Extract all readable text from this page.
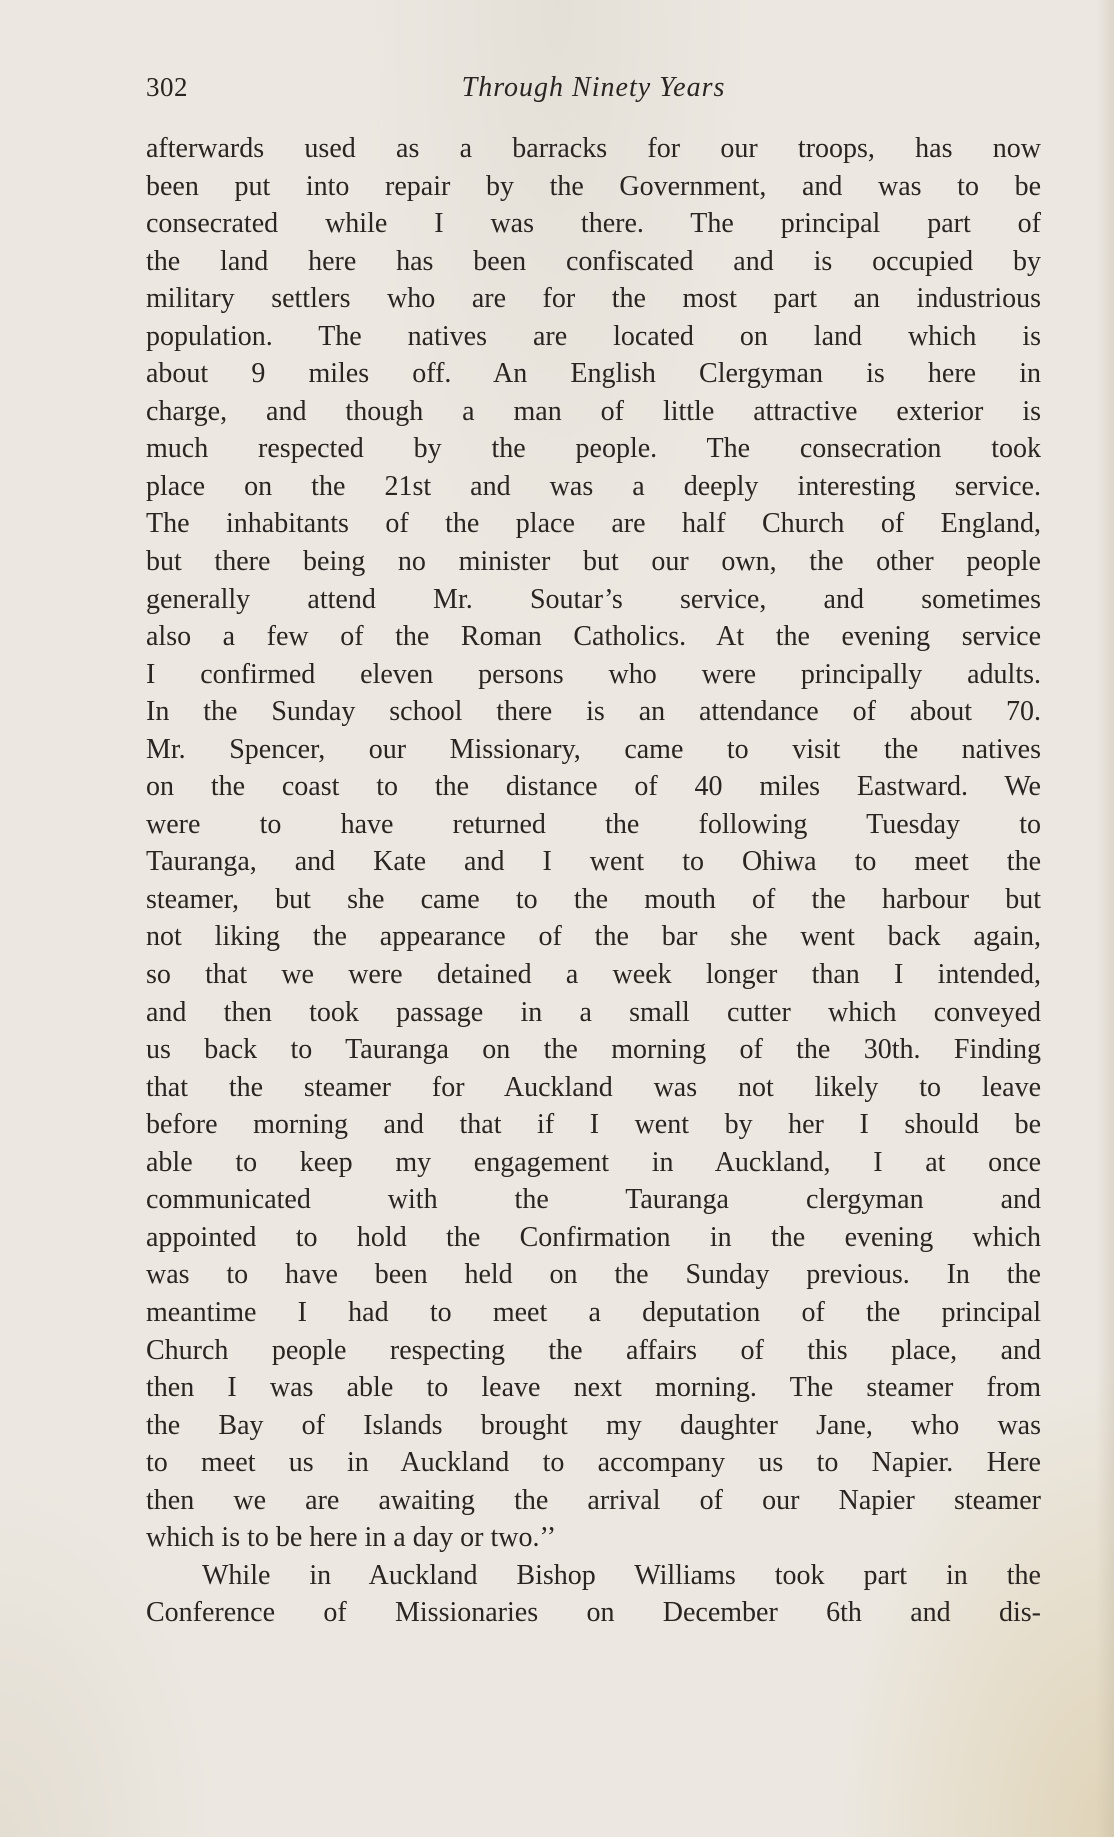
302	Through Ninety Years
afterwards used as a barracks for our troops, has now
been put into repair by the Government, and was to be
consecrated while I was there. The principal part of
the land here has been confiscated and is occupied by
military settlers who are for the most part an industrious
population. The natives are located on land which is
about 9 miles off. An English Clergyman is here in
charge, and though a man of little attractive exterior is
much respected by the people. The consecration took
place on the 21st and was a deeply interesting service.
The inhabitants of the place are half Church of England,
but there being no minister but our own, the other people
generally attend Mr. Soutar’s service, and sometimes
also a few of the Roman Catholics. At the evening service
I confirmed eleven persons who were principally adults.
In the Sunday school there is an attendance of about 70.
Mr. Spencer, our Missionary, came to visit the natives
on the coast to the distance of 40 miles Eastward. We
were to have returned the following Tuesday to
Tauranga, and Kate and I went to Ohiwa to meet the
steamer, but she came to the mouth of the harbour but
not liking the appearance of the bar she went back again,
so that we were detained a week longer than I intended,
and then took passage in a small cutter which conveyed
us back to Tauranga on the morning of the 30th. Finding
that the steamer for Auckland was not likely to leave
before morning and that if I went by her I should be
able to keep my engagement in Auckland, I at once
communicated with the Tauranga clergyman and
appointed to hold the Confirmation in the evening which
was to have been held on the Sunday previous. In the
meantime I had to meet a deputation of the principal
Church people respecting the affairs of this place, and
then I was able to leave next morning. The steamer from
the Bay of Islands brought my daughter Jane, who was
to meet us in Auckland to accompany us to Napier. Here
then we are awaiting the arrival of our Napier steamer
which is to be here in a day or two.’’
While in Auckland Bishop Williams took part in the
Conference of Missionaries on December 6th and dis-
